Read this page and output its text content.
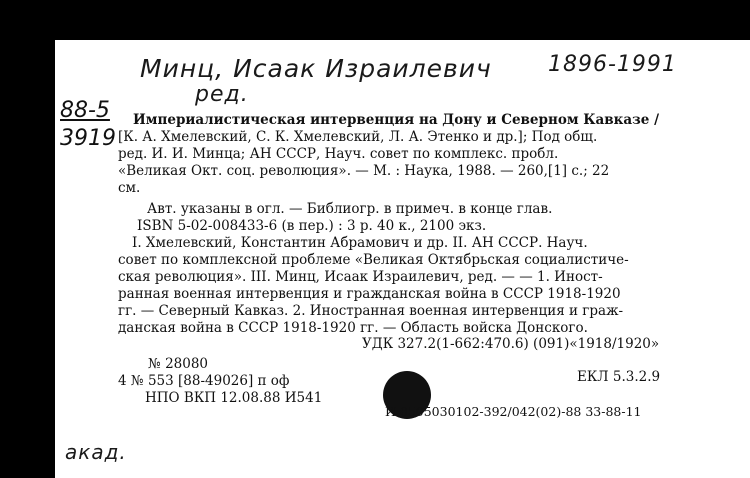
Минц, Исаак Израилевич	1896-1991
ред.
88-5
3919
Империалистическая интервенция на Дону и Северном Кавказе /
[К. А. Хмелевский, С. К. Хмелевский, Л. А. Этенко и др.]; Под общ.
ред. И. И. Минца; АН СССР, Науч. совет по комплекс. пробл.
«Великая Окт. соц. революция». — М. : Наука, 1988. — 260,[1] с.; 22
см.
Авт. указаны в огл. — Библиогр. в примеч. в конце глав.
ISBN 5-02-008433-6 (в пер.) : 3 р. 40 к., 2100 экз.
I. Хмелевский, Константин Абрамович и др. II. АН СССР. Науч.
совет по комплексной проблеме «Великая Октябрьская социалистиче-
ская революция». III. Минц, Исаак Израилевич, ред. — — 1. Иност-
ранная военная интервенция и гражданская война в СССР 1918-1920
гг. — Северный Кавказ. 2. Иностранная военная интервенция и граж-
данская война в СССР 1918-1920 гг. — Область войска Донского.
УДК 327.2(1-662:470.6) (091)«1918/1920»
№ 28080
4 № 553 [88-49026] п оф	ЕКЛ 5.3.2.9
НПО ВКП 12.08.88 И541
И 0505030102-392/042(02)-88 33-88-11
акад.
